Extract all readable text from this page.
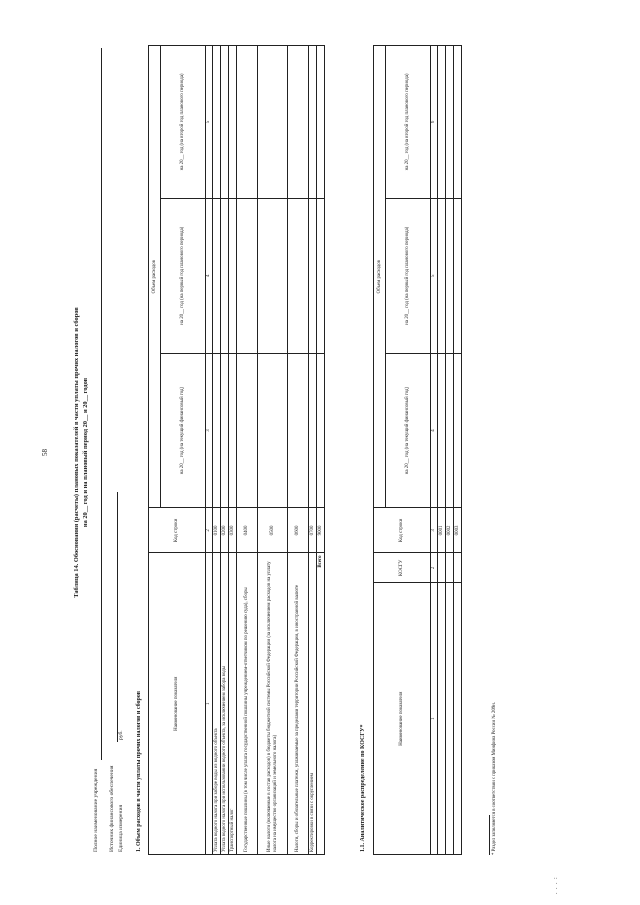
58	Таблица 14. Обоснования (расчеты) плановых показателей в части уплаты прочих налогов и сборов на 20__ год и на плановый период 20__ и 20__ годов
Полное наименование учреждения Источник финансового обеспечения Единица измерения
руб. 1. Объем расходов в части уплаты прочих налогов и сборов	Наименование показателя	Код строки	Объем расходов		
		на 20__ год (на текущий финансовый год)	на 20__ год (на первый год планового периода)	на 20__ год (на второй год планового периода)
1	2	3	4	5
Уплата водного налога при заборе воды из водного объекта	0100			
Уплата водного налога при использовании водного объекта, за исключением забора воды	0200			
Транспортный налог	0300			
Государственные пошлины (в том числе уплата государственной пошлины учреждением-ответчиком по решению суда), сборы	0400			
Иные налоги (включаемые в состав расходов) в бюджеты бюджетной системы Российской Федерации (за исключением расходов на уплату налога на имущество организаций и земельного налога)	0500			
Налоги, сборы и обязательные платежи, уплачиваемые за пределами территории Российской Федерации, в иностранной валюте	0600			
Корректировки в связи с округлением	0700			
Всего	9000			
1.1. Аналитическое распределение по КОСГУ*
Наименование показателя	КОСГУ	Код строки	Объем расходов		
			на 20__ год (на текущий финансовый год)	на 20__ год (на первый год планового периода)	на 20__ год (на второй год планового периода)
1	2	3	4	5	6
		0001			
		0002			
		0003			
* Раздел заполняется в соответствии с приказом Минфина России № 209н.
. . . :
